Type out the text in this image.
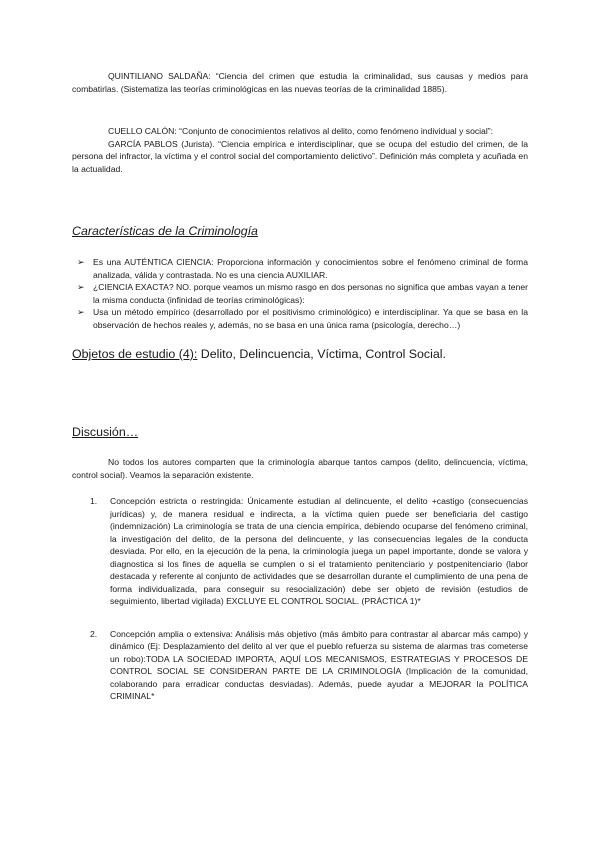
QUINTILIANO SALDAÑA: “Ciencia del crimen que estudia la criminalidad, sus causas y medios para combatirlas. (Sistematiza las teorías criminológicas en las nuevas teorías de la criminalidad 1885).

CUELLO CALÓN: “Conjunto de conocimientos relativos al delito, como fenómeno individual y social”:

GARCÍA PABLOS (Jurista). “Ciencia empírica e interdisciplinar, que se ocupa del estudio del crimen, de la persona del infractor, la víctima y el control social del comportamiento delictivo”. Definición más completa y acuñada en la actualidad.

Características de la Criminología
➢ Es una AUTÉNTICA CIENCIA: Proporciona información y conocimientos sobre el fenómeno criminal de forma analizada, válida y contrastada. No es una ciencia AUXILIAR.
➢ ¿CIENCIA EXACTA? NO. porque veamos un mismo rasgo en dos personas no significa que ambas vayan a tener la misma conducta (infinidad de teorías criminológicas):
➢ Usa un método empírico (desarrollado por el positivismo criminológico) e interdisciplinar. Ya que se basa en la observación de hechos reales y, además, no se basa en una única rama (psicología, derecho…)
Objetos de estudio (4): Delito, Delincuencia, Víctima, Control Social.
Discusión…

No todos los autores comparten que la criminología abarque tantos campos (delito, delincuencia, víctima, control social). Veamos la separación existente.

1. Concepción estricta o restringida: Únicamente estudian al delincuente, el delito +castigo (consecuencias jurídicas) y, de manera residual e indirecta, a la víctima quien puede ser beneficiaria del castigo (indemnización) La criminología se trata de una ciencia empírica, debiendo ocuparse del fenómeno criminal, la investigación del delito, de la persona del delincuente, y las consecuencias legales de la conducta desviada. Por ello, en la ejecución de la pena, la criminología juega un papel importante, donde se valora y diagnostica si los fines de aquella se cumplen o si el tratamiento penitenciario y postpenitenciario (labor destacada y referente al conjunto de actividades que se desarrollan durante el cumplimiento de una pena de forma individualizada, para conseguir su resocialización) debe ser objeto de revisión (estudios de seguimiento, libertad vigilada) EXCLUYE EL CONTROL SOCIAL. (PRÁCTICA 1)*
2. Concepción amplia o extensiva: Análisis más objetivo (más ámbito para contrastar al abarcar más campo) y dinámico (Ej: Desplazamiento del delito al ver que el pueblo refuerza su sistema de alarmas tras cometerse un robo):TODA LA SOCIEDAD IMPORTA, AQUÍ LOS MECANISMOS, ESTRATEGIAS Y PROCESOS DE CONTROL SOCIAL SE CONSIDERAN PARTE DE LA CRIMINOLOGÍA (Implicación de la comunidad, colaborando para erradicar conductas desviadas). Además, puede ayudar a MEJORAR la POLÍTICA CRIMINAL*
